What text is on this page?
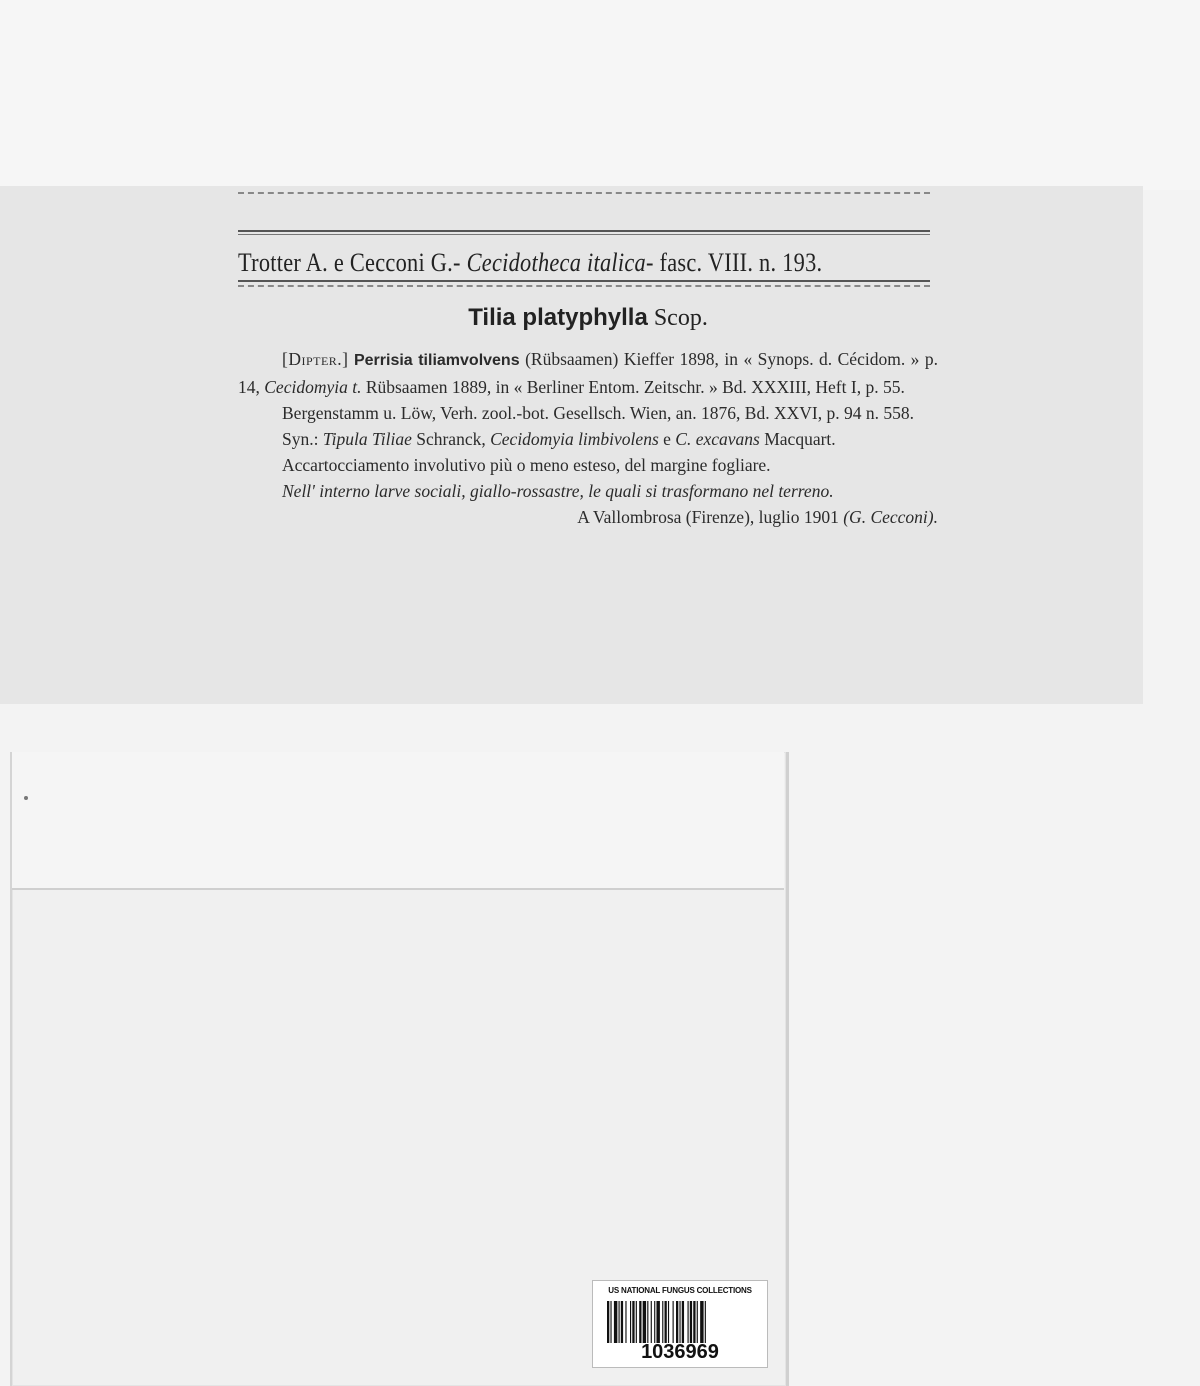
Trotter A. e Cecconi G.- Cecidotheca italica- fasc. VIII. n. 193.
Tilia platyphylla Scop.

[Dipter.] Perrisia tiliamvolvens (Rübsaamen) Kieffer 1898, in « Synops. d. Cécidom. » p. 14, Cecidomyia t. Rübsaamen 1889, in « Berliner Entom. Zeitschr. » Bd. XXXIII, Heft I, p. 55.

Bergenstamm u. Löw, Verh. zool.-bot. Gesellsch. Wien, an. 1876, Bd. XXVI, p. 94 n. 558.

Syn.: Tipula Tiliae Schranck, Cecidomyia limbivolens e C. excavans Macquart.

Accartocciamento involutivo più o meno esteso, del margine fogliare.

Nell' interno larve sociali, giallo-rossastre, le quali si trasformano nel terreno.

A Vallombrosa (Firenze), luglio 1901 (G. Cecconi).

US NATIONAL FUNGUS COLLECTIONS
1036969
